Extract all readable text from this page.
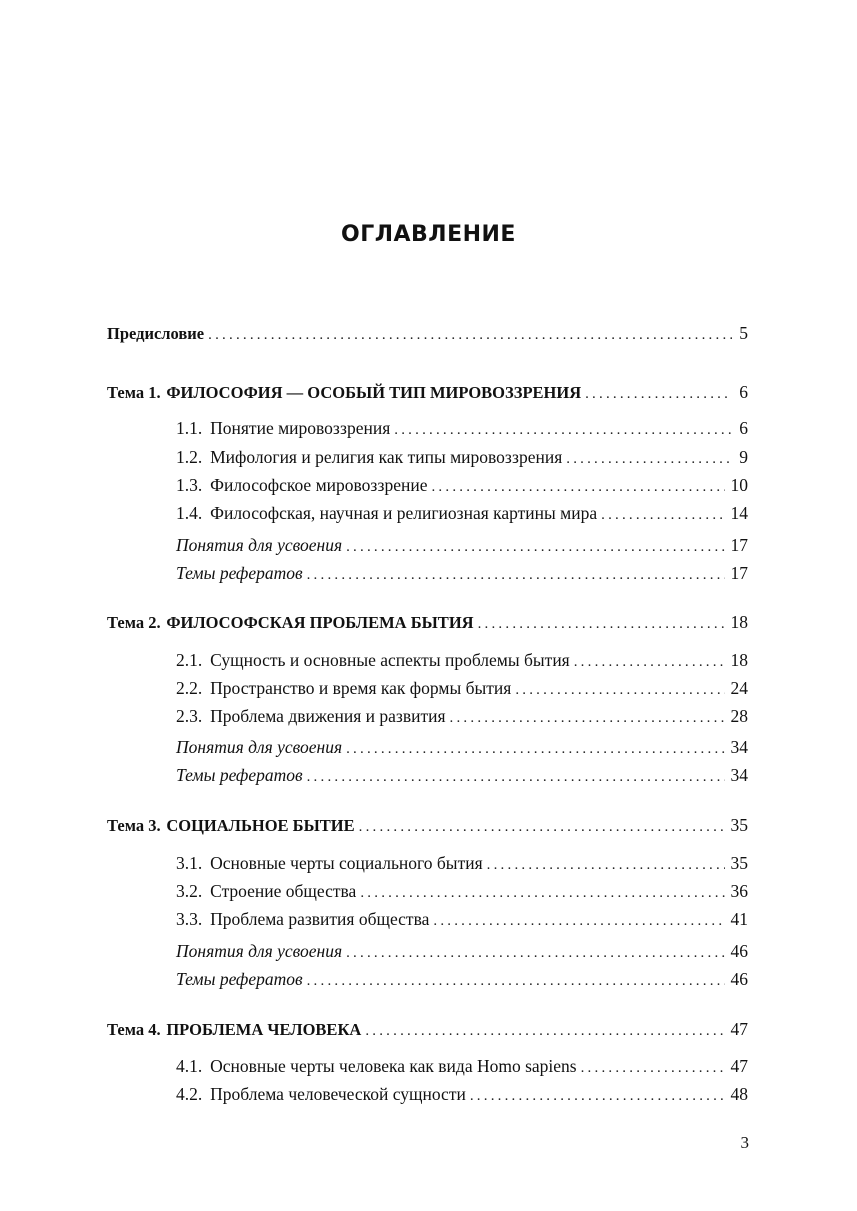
ОГЛАВЛЕНИЕ
Предисловие .....	5
Тема 1. ФИЛОСОФИЯ — ОСОБЫЙ ТИП МИРОВОЗЗРЕНИЯ .....	6
1.1. Понятие мировоззрения .....	6
1.2. Мифология и религия как типы мировоззрения .....	9
1.3. Философское мировоззрение .....	10
1.4. Философская, научная и религиозная картины мира .....	14
Понятия для усвоения .....	17
Темы рефератов .....	17
Тема 2. ФИЛОСОФСКАЯ ПРОБЛЕМА БЫТИЯ .....	18
2.1. Сущность и основные аспекты проблемы бытия .....	18
2.2. Пространство и время как формы бытия .....	24
2.3. Проблема движения и развития .....	28
Понятия для усвоения .....	34
Темы рефератов .....	34
Тема 3. СОЦИАЛЬНОЕ БЫТИЕ .....	35
3.1. Основные черты социального бытия .....	35
3.2. Строение общества .....	36
3.3. Проблема развития общества .....	41
Понятия для усвоения .....	46
Темы рефератов .....	46
Тема 4. ПРОБЛЕМА ЧЕЛОВЕКА .....	47
4.1. Основные черты человека как вида Homo sapiens .....	47
4.2. Проблема человеческой сущности .....	48
3
